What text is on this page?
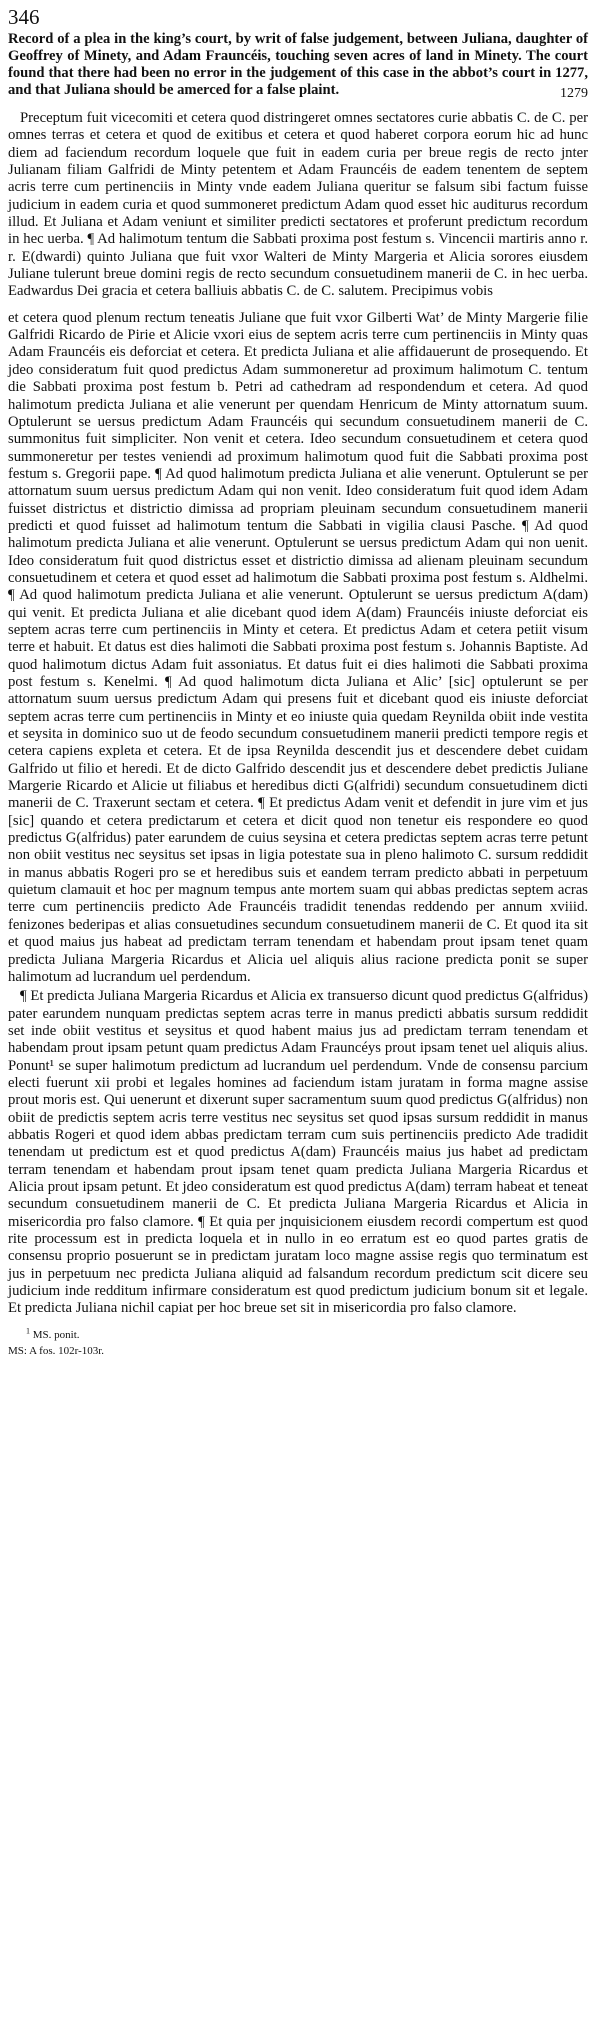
346
Record of a plea in the king’s court, by writ of false judgement, between Juliana, daughter of Geoffrey of Minety, and Adam Frauncéis, touching seven acres of land in Minety. The court found that there had been no error in the judgement of this case in the abbot’s court in 1277, and that Juliana should be amerced for a false plaint.	1279

Preceptum fuit vicecomiti et cetera quod distringeret omnes sectatores curie abbatis C. de C. per omnes terras et cetera et quod de exitibus et cetera et quod haberet corpora eorum hic ad hunc diem ad faciendum recordum loquele que fuit in eadem curia per breue regis de recto jnter Julianam filiam Galfridi de Minty petentem et Adam Frauncéis de eadem tenentem de septem acris terre cum pertinenciis in Minty vnde eadem Juliana queritur se falsum sibi factum fuisse judicium in eadem curia et quod summoneret predictum Adam quod esset hic auditurus recordum illud. Et Juliana et Adam veniunt et similiter predicti sectatores et proferunt predictum recordum in hec uerba. ¶ Ad halimotum tentum die Sabbati proxima post festum s. Vincencii martiris anno r. r. E(dwardi) quinto Juliana que fuit vxor Walteri de Minty Margeria et Alicia sorores eiusdem Juliane tulerunt breue domini regis de recto secundum consuetudinem manerii de C. in hec uerba. Eadwardus Dei gracia et cetera balliuis abbatis C. de C. salutem. Precipimus vobis

et cetera quod plenum rectum teneatis Juliane que fuit vxor Gilberti Wat’ de Minty Margerie filie Galfridi Ricardo de Pirie et Alicie vxori eius de septem acris terre cum pertinenciis in Minty quas Adam Frauncéis eis deforciat et cetera. Et predicta Juliana et alie affidauerunt de prosequendo. Et jdeo consideratum fuit quod predictus Adam summoneretur ad proximum halimotum C. tentum die Sabbati proxima post festum b. Petri ad cathedram ad respondendum et cetera. Ad quod halimotum predicta Juliana et alie venerunt per quendam Henricum de Minty attornatum suum. Optulerunt se uersus predictum Adam Frauncéis qui secundum consuetudinem manerii de C. summonitus fuit simpliciter. Non venit et cetera. Ideo secundum consuetudinem et cetera quod summoneretur per testes veniendi ad proximum halimotum quod fuit die Sabbati proxima post festum s. Gregorii pape. ¶ Ad quod halimotum predicta Juliana et alie venerunt. Optulerunt se per attornatum suum uersus predictum Adam qui non venit. Ideo consideratum fuit quod idem Adam fuisset districtus et districtio dimissa ad propriam pleuinam secundum consuetudinem manerii predicti et quod fuisset ad halimotum tentum die Sabbati in vigilia clausi Pasche. ¶ Ad quod halimotum predicta Juliana et alie venerunt. Optulerunt se uersus predictum Adam qui non uenit. Ideo consideratum fuit quod districtus esset et districtio dimissa ad alienam pleuinam secundum consuetudinem et cetera et quod esset ad halimotum die Sabbati proxima post festum s. Aldhelmi. ¶ Ad quod halimotum predicta Juliana et alie venerunt. Optulerunt se uersus predictum A(dam) qui venit. Et predicta Juliana et alie dicebant quod idem A(dam) Frauncéis iniuste deforciat eis septem acras terre cum pertinenciis in Minty et cetera. Et predictus Adam et cetera petiit visum terre et habuit. Et datus est dies halimoti die Sabbati proxima post festum s. Johannis Baptiste. Ad quod halimotum dictus Adam fuit assoniatus. Et datus fuit ei dies halimoti die Sabbati proxima post festum s. Kenelmi. ¶ Ad quod halimotum dicta Juliana et Alic’ [sic] optulerunt se per attornatum suum uersus predictum Adam qui presens fuit et dicebant quod eis iniuste deforciat septem acras terre cum pertinenciis in Minty et eo iniuste quia quedam Reynilda obiit inde vestita et seysita in dominico suo ut de feodo secundum consuetudinem manerii predicti tempore regis et cetera capiens expleta et cetera. Et de ipsa Reynilda descendit jus et descendere debet cuidam Galfrido ut filio et heredi. Et de dicto Galfrido descendit jus et descendere debet predictis Juliane Margerie Ricardo et Alicie ut filiabus et heredibus dicti G(alfridi) secundum consuetudinem dicti manerii de C. Traxerunt sectam et cetera. ¶ Et predictus Adam venit et defendit in jure vim et jus [sic] quando et cetera predictarum et cetera et dicit quod non tenetur eis respondere eo quod predictus G(alfridus) pater earundem de cuius seysina et cetera predictas septem acras terre petunt non obiit vestitus nec seysitus set ipsas in ligia potestate sua in pleno halimoto C. sursum reddidit in manus abbatis Rogeri pro se et heredibus suis et eandem terram predicto abbati in perpetuum quietum clamauit et hoc per magnum tempus ante mortem suam qui abbas predictas septem acras terre cum pertinenciis predicto Ade Frauncéis tradidit tenendas reddendo per annum xviiid. fenizones bederipas et alias consuetudines secundum consuetudinem manerii de C. Et quod ita sit et quod maius jus habeat ad predictam terram tenendam et habendam prout ipsam tenet quam predicta Juliana Margeria Ricardus et Alicia uel aliquis alius racione predicta ponit se super halimotum ad lucrandum uel perdendum.

¶ Et predicta Juliana Margeria Ricardus et Alicia ex transuerso dicunt quod predictus G(alfridus) pater earundem nunquam predictas septem acras terre in manus predicti abbatis sursum reddidit set inde obiit vestitus et seysitus et quod habent maius jus ad predictam terram tenendam et habendam prout ipsam petunt quam predictus Adam Frauncéys prout ipsam tenet uel aliquis alius. Ponunt¹ se super halimotum predictum ad lucrandum uel perdendum. Vnde de consensu parcium electi fuerunt xii probi et legales homines ad faciendum istam juratam in forma magne assise prout moris est. Qui uenerunt et dixerunt super sacramentum suum quod predictus G(alfridus) non obiit de predictis septem acris terre vestitus nec seysitus set quod ipsas sursum reddidit in manus abbatis Rogeri et quod idem abbas predictam terram cum suis pertinenciis predicto Ade tradidit tenendam ut predictum est et quod predictus A(dam) Frauncéis maius jus habet ad predictam terram tenendam et habendam prout ipsam tenet quam predicta Juliana Margeria Ricardus et Alicia prout ipsam petunt. Et jdeo consideratum est quod predictus A(dam) terram habeat et teneat secundum consuetudinem manerii de C. Et predicta Juliana Margeria Ricardus et Alicia in misericordia pro falso clamore. ¶ Et quia per jnquisicionem eiusdem recordi compertum est quod rite processum est in predicta loquela et in nullo in eo erratum est eo quod partes gratis de consensu proprio posuerunt se in predictam juratam loco magne assise regis quo terminatum est jus in perpetuum nec predicta Juliana aliquid ad falsandum recordum predictum scit dicere seu judicium inde redditum infirmare consideratum est quod predictum judicium bonum sit et legale. Et predicta Juliana nichil capiat per hoc breue set sit in misericordia pro falso clamore.

$^1$ MS. ponit.
MS: A fos. 102r-103r.
